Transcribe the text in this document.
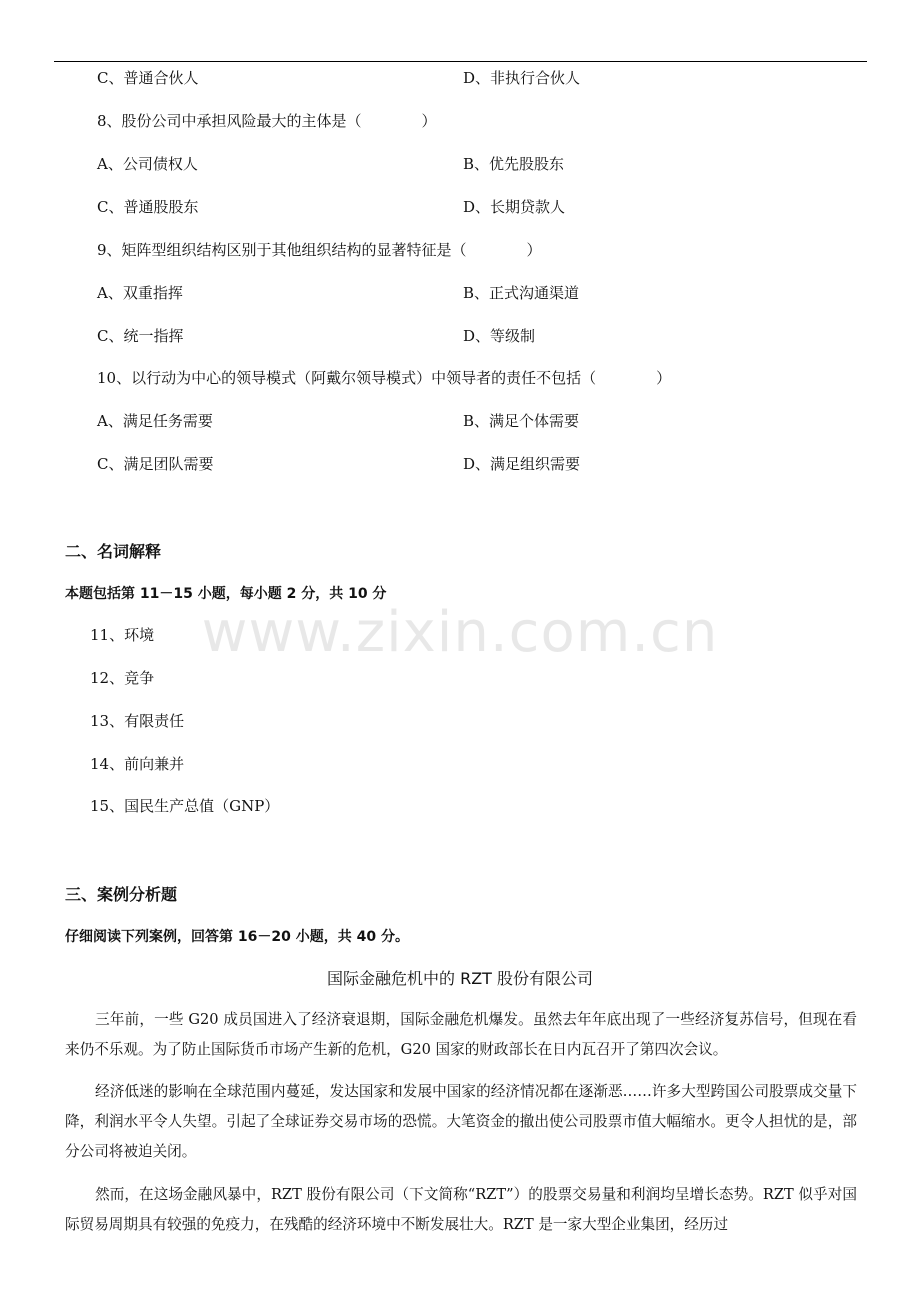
C、普通合伙人	D、非执行合伙人
8、股份公司中承担风险最大的主体是（　　　　）
A、公司债权人	B、优先股股东
C、普通股股东	D、长期贷款人
9、矩阵型组织结构区别于其他组织结构的显著特征是（　　　　）
A、双重指挥	B、正式沟通渠道
C、统一指挥	D、等级制
10、以行动为中心的领导模式（阿戴尔领导模式）中领导者的责任不包括（　　　　）
A、满足任务需要	B、满足个体需要
C、满足团队需要	D、满足组织需要
二、名词解释
本题包括第 11－15 小题，每小题 2 分，共 10 分
11、环境
12、竞争
13、有限责任
14、前向兼并
15、国民生产总值（GNP）
www.zixin.com.cn
三、案例分析题
仔细阅读下列案例，回答第 16－20 小题，共 40 分。
国际金融危机中的 RZT 股份有限公司
三年前，一些 G20 成员国进入了经济衰退期，国际金融危机爆发。虽然去年年底出现了一些经济复苏信号，但现在看来仍不乐观。为了防止国际货币市场产生新的危机，G20 国家的财政部长在日内瓦召开了第四次会议。
经济低迷的影响在全球范围内蔓延，发达国家和发展中国家的经济情况都在逐渐恶……许多大型跨国公司股票成交量下降，利润水平令人失望。引起了全球证券交易市场的恐慌。大笔资金的撤出使公司股票市值大幅缩水。更令人担忧的是，部分公司将被迫关闭。
然而，在这场金融风暴中，RZT 股份有限公司（下文简称“RZT”）的股票交易量和利润均呈增长态势。RZT 似乎对国际贸易周期具有较强的免疫力，在残酷的经济环境中不断发展壮大。RZT 是一家大型企业集团，经历过
